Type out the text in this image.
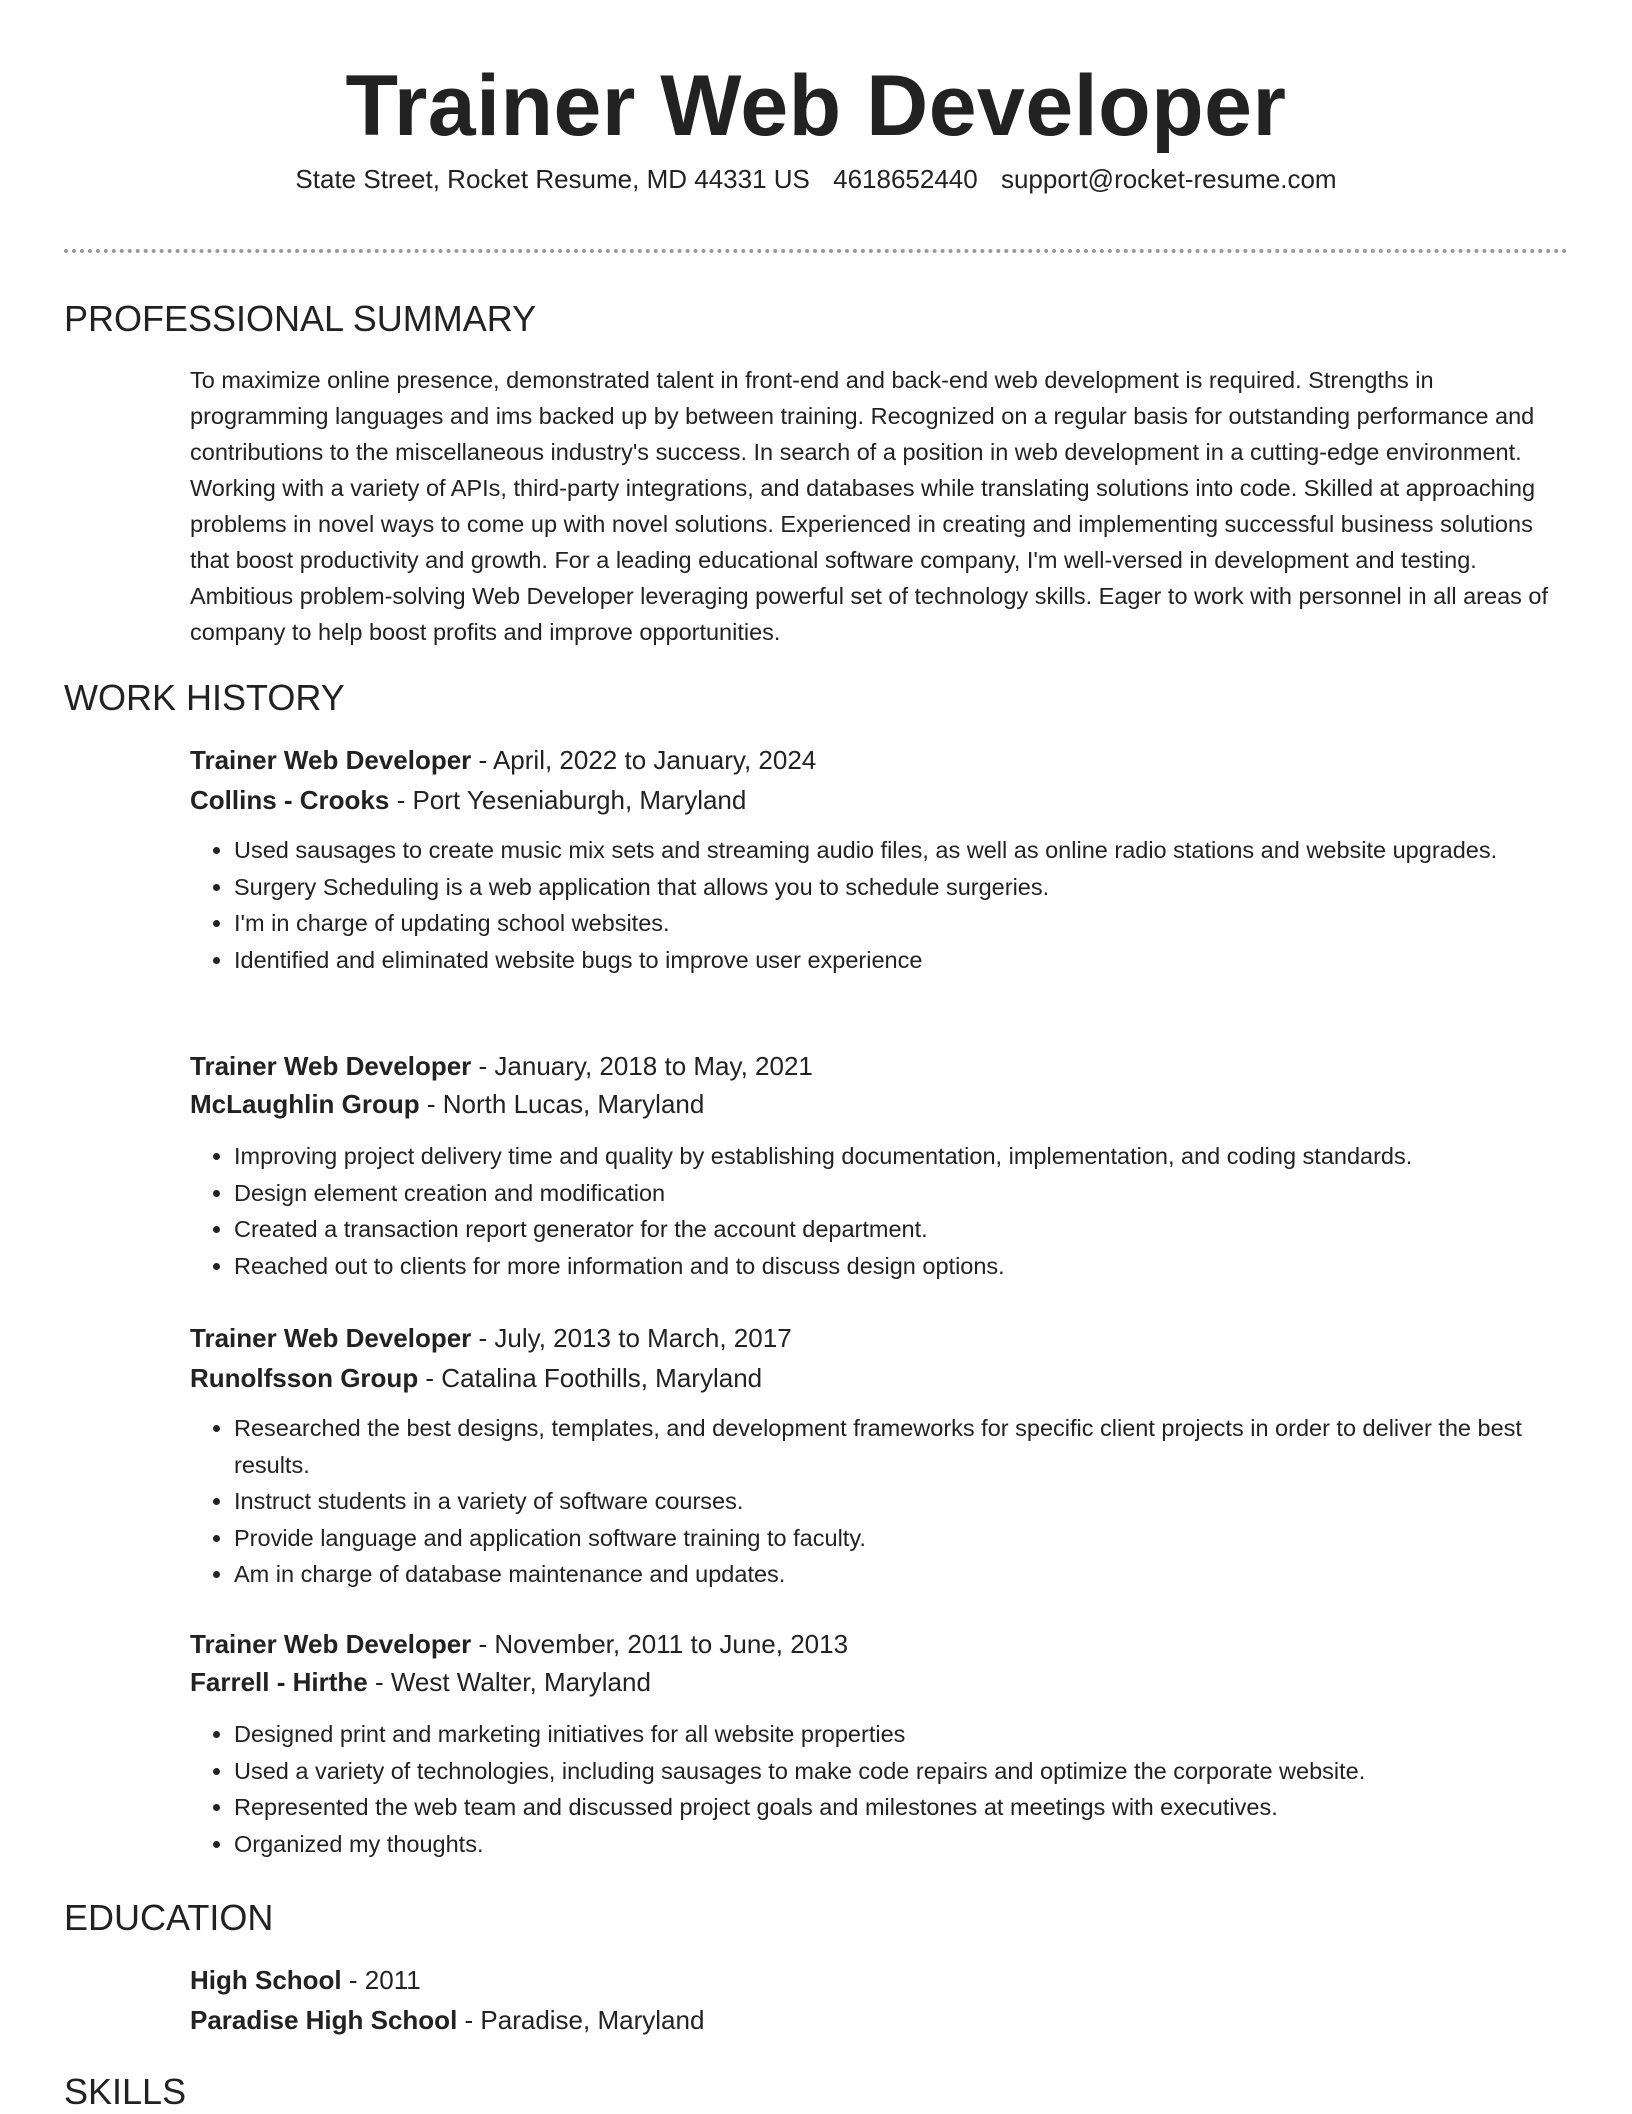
Trainer Web Developer
State Street, Rocket Resume, MD 44331 US 4618652440 support@rocket-resume.com
PROFESSIONAL SUMMARY

To maximize online presence, demonstrated talent in front-end and back-end web development is required. Strengths in programming languages and ims backed up by between training. Recognized on a regular basis for outstanding performance and contributions to the miscellaneous industry's success. In search of a position in web development in a cutting-edge environment. Working with a variety of APIs, third-party integrations, and databases while translating solutions into code. Skilled at approaching problems in novel ways to come up with novel solutions. Experienced in creating and implementing successful business solutions that boost productivity and growth. For a leading educational software company, I'm well-versed in development and testing. Ambitious problem-solving Web Developer leveraging powerful set of technology skills. Eager to work with personnel in all areas of company to help boost profits and improve opportunities.

WORK HISTORY

Trainer Web Developer - April, 2022 to January, 2024

Collins - Crooks - Port Yeseniaburgh, Maryland

• Used sausages to create music mix sets and streaming audio files, as well as online radio stations and website upgrades.
• Surgery Scheduling is a web application that allows you to schedule surgeries.
• I'm in charge of updating school websites.
• Identified and eliminated website bugs to improve user experience

Trainer Web Developer - January, 2018 to May, 2021

McLaughlin Group - North Lucas, Maryland

• Improving project delivery time and quality by establishing documentation, implementation, and coding standards.
• Design element creation and modification
• Created a transaction report generator for the account department.
• Reached out to clients for more information and to discuss design options.

Trainer Web Developer - July, 2013 to March, 2017

Runolfsson Group - Catalina Foothills, Maryland

• Researched the best designs, templates, and development frameworks for specific client projects in order to deliver the best results.
• Instruct students in a variety of software courses.
• Provide language and application software training to faculty.
• Am in charge of database maintenance and updates.

Trainer Web Developer - November, 2011 to June, 2013

Farrell - Hirthe - West Walter, Maryland

• Designed print and marketing initiatives for all website properties
• Used a variety of technologies, including sausages to make code repairs and optimize the corporate website.
• Represented the web team and discussed project goals and milestones at meetings with executives.
• Organized my thoughts.
EDUCATION

High School - 2011

Paradise High School - Paradise, Maryland

SKILLS
